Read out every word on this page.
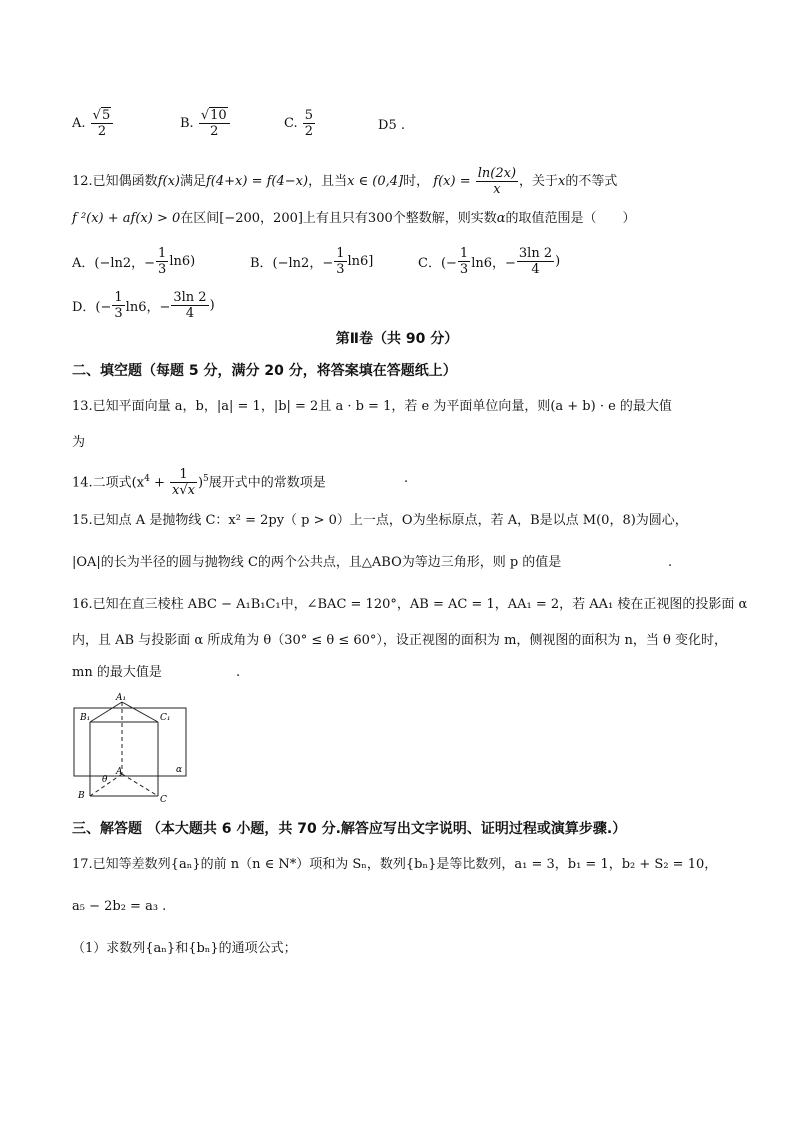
A. $\frac{√5}{2}$	B. $\frac{√10}{2}$	C. $\frac{5}{2}$	D5 .
12.已知偶函数f(x)满足f(4+x) = f(4−x)，且当x ∈ (0,4]时， $f(x) = \frac{\ln(2x)}{x}$ ，关于x的不等式
f ²(x) + af(x) > 0在区间[−200，200]上有且只有300个整数解，则实数α的取值范围是（　　）
A．(−ln2，− $\frac{1}{3} \ln 6$)	B．(−ln2，− $\frac{1}{3} \ln 6$]	C．(− $\frac{1}{3} \ln 6$，− $\frac{3\ln 2}{4}$ )
D．(− $\frac{1}{3} \ln 6$，− $\frac{3\ln 2}{4}$ )
第Ⅱ卷（共 90 分）
二、填空题（每题 5 分，满分 20 分，将答案填在答题纸上）
13.已知平面向量 a，b，|a| = 1，|b| = 2且 a · b = 1，若 e 为平面单位向量，则(a + b) · e 的最大值
为
14.二项式$(x^4 + \frac{1}{x√x} )^5$展开式中的常数项是	.
15.已知点 A 是抛物线 C：x² = 2py（ p > 0）上一点，O为坐标原点，若 A，B是以点 M(0，8)为圆心，
|OA|的长为半径的圆与抛物线 C的两个公共点，且△ABO为等边三角形，则 p 的值是	.
16.已知在直三棱柱 ABC − A₁B₁C₁中，∠BAC = 120°，AB = AC = 1，AA₁ = 2，若 AA₁ 棱在正视图的投影面 α
内，且 AB 与投影面 α 所成角为 θ（30° ≤ θ ≤ 60°），设正视图的面积为 m，侧视图的面积为 n，当 θ 变化时，
mn 的最大值是	.
A₁
B₁	C₁
A
B	C
θ
α
三、解答题 （本大题共 6 小题，共 70 分.解答应写出文字说明、证明过程或演算步骤.）
17.已知等差数列{aₙ}的前 n（n ∈ N*）项和为 Sₙ，数列{bₙ}是等比数列，a₁ = 3，b₁ = 1，b₂ + S₂ = 10，
a₅ − 2b₂ = a₃ .
（1）求数列{aₙ}和{bₙ}的通项公式；
